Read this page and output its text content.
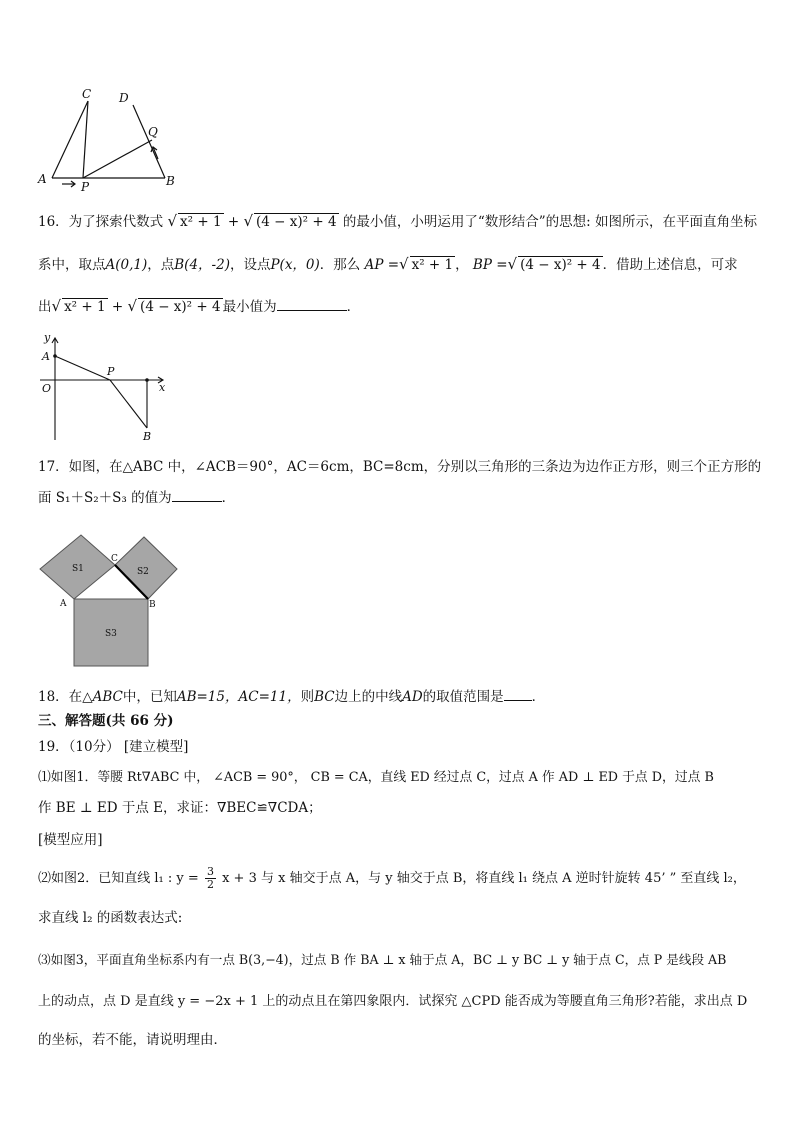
C D
Q
A
P	B
16．为了探索代数式 √ x² + 1 + √ (4 − x)² + 4 的最小值，小明运用了“数形结合”的思想: 如图所示，在平面直角坐标
系中，取点A(0,1)，点B(4，-2)，设点P(x，0)．那么 AP =√ x² + 1 ， BP =√ (4 − x)² + 4 ．借助上述信息，可求
出√ x² + 1 + √ (4 − x)² + 4 最小值为	．
y
A
P
O	x
B
17．如图，在△ABC 中，∠ACB＝90°，AC＝6cm，BC=8cm，分别以三角形的三条边为边作正方形，则三个正方形的
面 S₁＋S₂＋S₃ 的值为	．
S1	S2
S3
A	B
C
18．在△ABC中，已知AB=15，AC=11，则BC边上的中线AD的取值范围是 ．
三、解答题(共 66 分)
19．（10分） [建立模型]
⑴如图1．等腰 Rt∇ABC 中， ∠ACB = 90°， CB = CA，直线 ED 经过点 C，过点 A 作 AD ⊥ ED 于点 D，过点 B
作 BE ⊥ ED 于点 E，求证：∇BEC≌∇CDA；
[模型应用]
⑵如图2．已知直线 l₁ : $y = \frac{3}{2}$ x + 3 与 x 轴交于点 A，与 y 轴交于点 B，将直线 l₁ 绕点 A 逆时针旋转 45’ ” 至直线 l₂，
求直线 l₂ 的函数表达式:
⑶如图3，平面直角坐标系内有一点 B(3,−4)，过点 B 作 BA ⊥ x 轴于点 A，BC ⊥ y BC ⊥ y 轴于点 C，点 P 是线段 AB
上的动点，点 D 是直线 y = −2x + 1 上的动点且在第四象限内．试探究 △CPD 能否成为等腰直角三角形?若能，求出点 D
的坐标，若不能，请说明理由．
